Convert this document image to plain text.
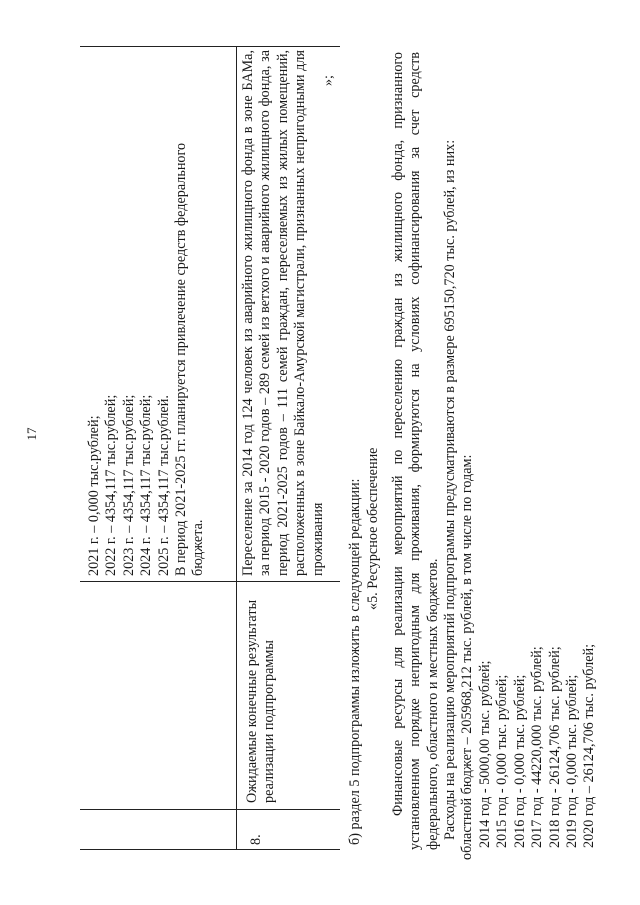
17	2021 г. – 0,000 тыс.рублей; 2022 г. – 4354,117 тыс.рублей; 2023 г. – 4354,117 тыс.рублей; 2024 г. – 4354,117 тыс.рублей; 2025 г. – 4354,117 тыс.рублей. В период 2021-2025 гг. планируется привлечение средств федерального бюджета.

8.
Ожидаемые конечные результаты реализации подпрограммы
Переселение за 2014 год 124 человек из аварийного жилищного фонда в зоне БАМа, за период 2015 - 2020 годов – 289 семей из ветхого и аварийного жилищного фонда, за период 2021-2025 годов – 111 семей граждан, переселяемых из жилых помещений, расположенных в зоне Байкало-Амурской магистрали, признанных непригодными для проживания
»;
б) раздел 5 подпрограммы изложить в следующей редакции: «5. Ресурсное обеспечение Финансовые ресурсы для реализации мероприятий по переселению граждан из жилищного фонда, признанного установленном порядке непригодным для проживания, формируются на условиях софинансирования за счет средств федерального, областного и местных бюджетов. Расходы на реализацию мероприятий подпрограммы предусматриваются в размере 695150,720 тыс. рублей, из них: областной бюджет – 205968,212 тыс. рублей, в том числе по годам: 2014 год - 5000,00 тыс. рублей; 2015 год - 0,000 тыс. рублей; 2016 год - 0,000 тыс. рублей; 2017 год - 44220,000 тыс. рублей; 2018 год - 26124,706 тыс. рублей; 2019 год - 0,000 тыс. рублей; 2020 год – 26124,706 тыс. рублей;
